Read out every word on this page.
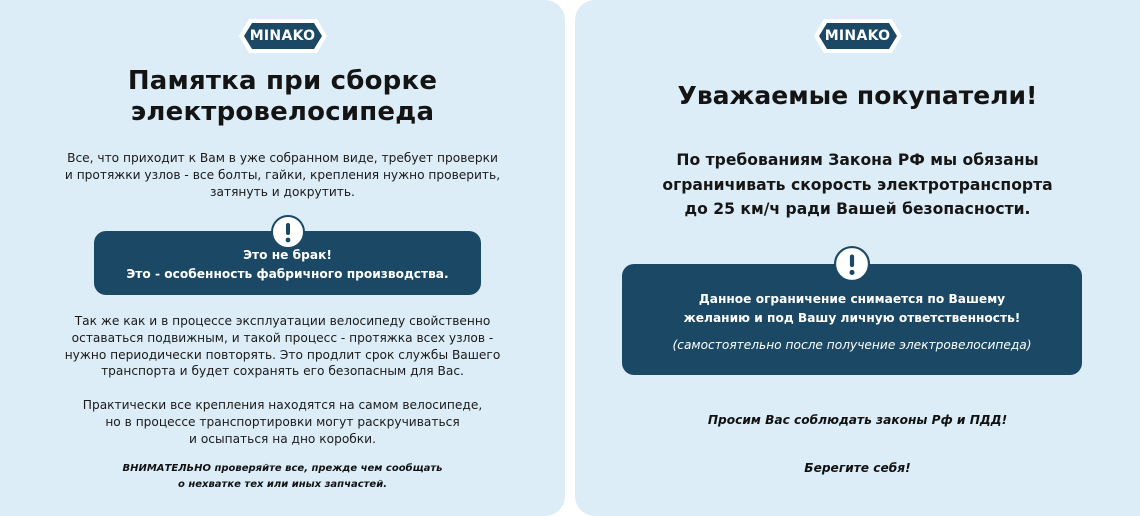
MINAKO
Памятка при сборке
электровелосипеда

Все, что приходит к Вам в уже собранном виде, требует проверки
и протяжки узлов - все болты, гайки, крепления нужно проверить,
затянуть и докрутить.

Это не брак!
Это - особенность фабричного производства.

Так же как и в процессе эксплуатации велосипеду свойственно
оставаться подвижным, и такой процесс - протяжка всех узлов -
нужно периодически повторять. Это продлит срок службы Вашего
транспорта и будет сохранять его безопасным для Вас.

Практически все крепления находятся на самом велосипеде,
но в процессе транспортировки могут раскручиваться
и осыпаться на дно коробки.

ВНИМАТЕЛЬНО проверяйте все, прежде чем сообщать
о нехватке тех или иных запчастей.

MINAKO
Уважаемые покупатели!

По требованиям Закона РФ мы обязаны
ограничивать скорость электротранспорта
до 25 км/ч ради Вашей безопасности.

Данное ограничение снимается по Вашему
желанию и под Вашу личную ответственность!
(самостоятельно после получение электровелосипеда)

Просим Вас соблюдать законы Рф и ПДД!

Берегите себя!
